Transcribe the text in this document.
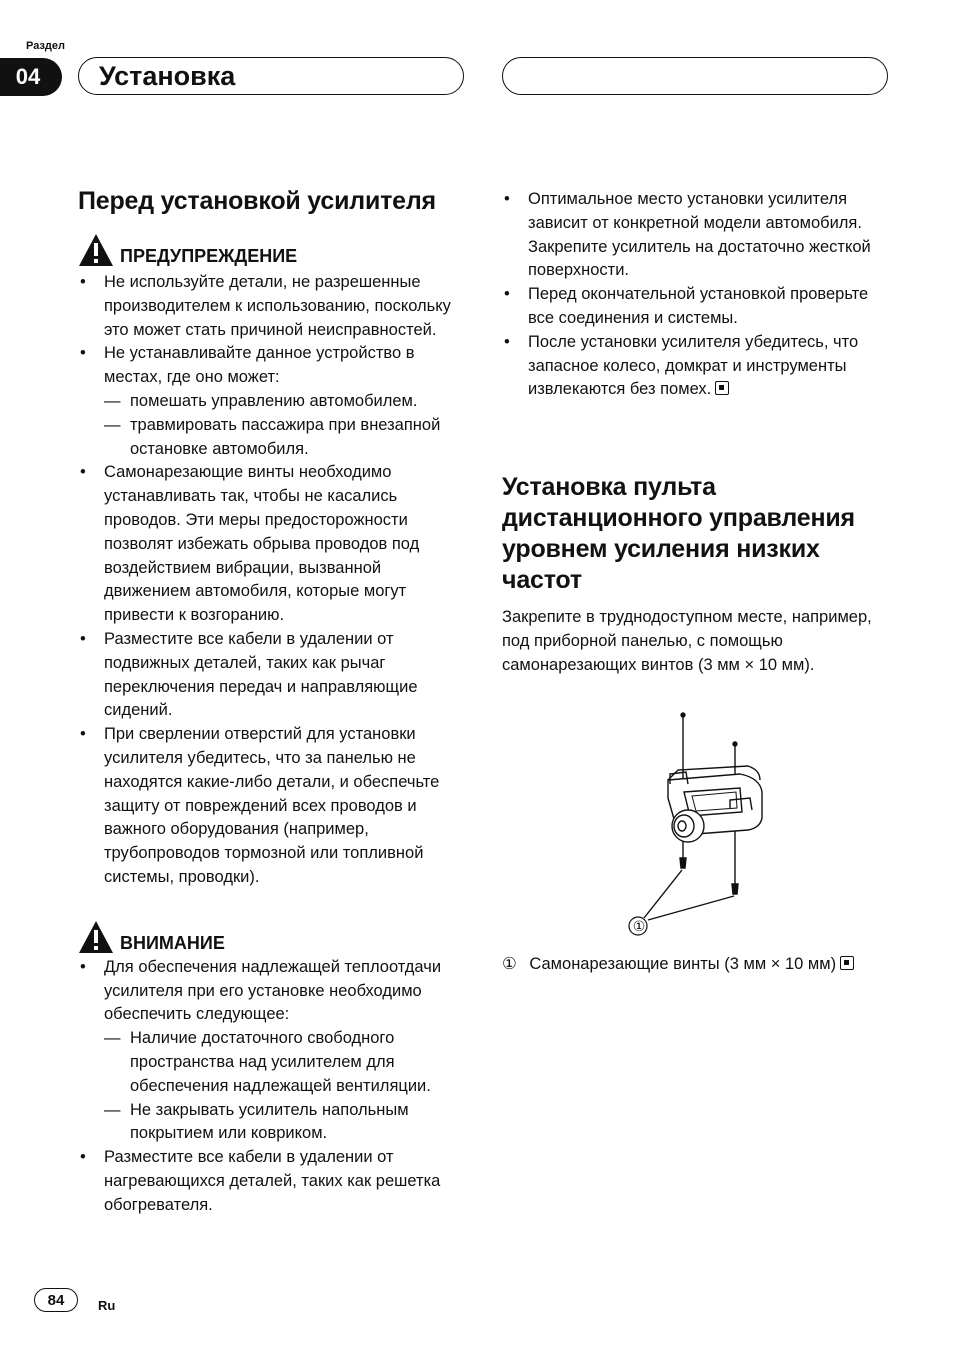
Раздел
04	Установка
Перед установкой усилителя
ПРЕДУПРЕЖДЕНИЕ
• Не используйте детали, не разрешенные производителем к использованию, поскольку это может стать причиной неисправностей.
• Не устанавливайте данное устройство в местах, где оно может:
— помешать управлению автомобилем.
— травмировать пассажира при внезапной остановке автомобиля.
• Самонарезающие винты необходимо устанавливать так, чтобы не касались проводов. Эти меры предосторожности позволят избежать обрыва проводов под воздействием вибрации, вызванной движением автомобиля, которые могут привести к возгоранию.
• Разместите все кабели в удалении от подвижных деталей, таких как рычаг переключения передач и направляющие сидений.
• При сверлении отверстий для установки усилителя убедитесь, что за панелью не находятся какие-либо детали, и обеспечьте защиту от повреждений всех проводов и важного оборудования (например, трубопроводов тормозной или топливной системы, проводки).
ВНИМАНИЕ
• Для обеспечения надлежащей теплоотдачи усилителя при его установке необходимо обеспечить следующее:
— Наличие достаточного свободного пространства над усилителем для обеспечения надлежащей вентиляции.
— Не закрывать усилитель напольным покрытием или ковриком.
• Разместите все кабели в удалении от нагревающихся деталей, таких как решетка обогревателя.
• Оптимальное место установки усилителя зависит от конкретной модели автомобиля. Закрепите усилитель на достаточно жесткой поверхности.
• Перед окончательной установкой проверьте все соединения и системы.
• После установки усилителя убедитесь, что запасное колесо, домкрат и инструменты извлекаются без помех.
Установка пульта дистанционного управления уровнем усиления низких частот
Закрепите в труднодоступном месте, например, под приборной панелью, с помощью самонарезающих винтов (3 мм × 10 мм).
①
① Самонарезающие винты (3 мм × 10 мм)
84	Ru
